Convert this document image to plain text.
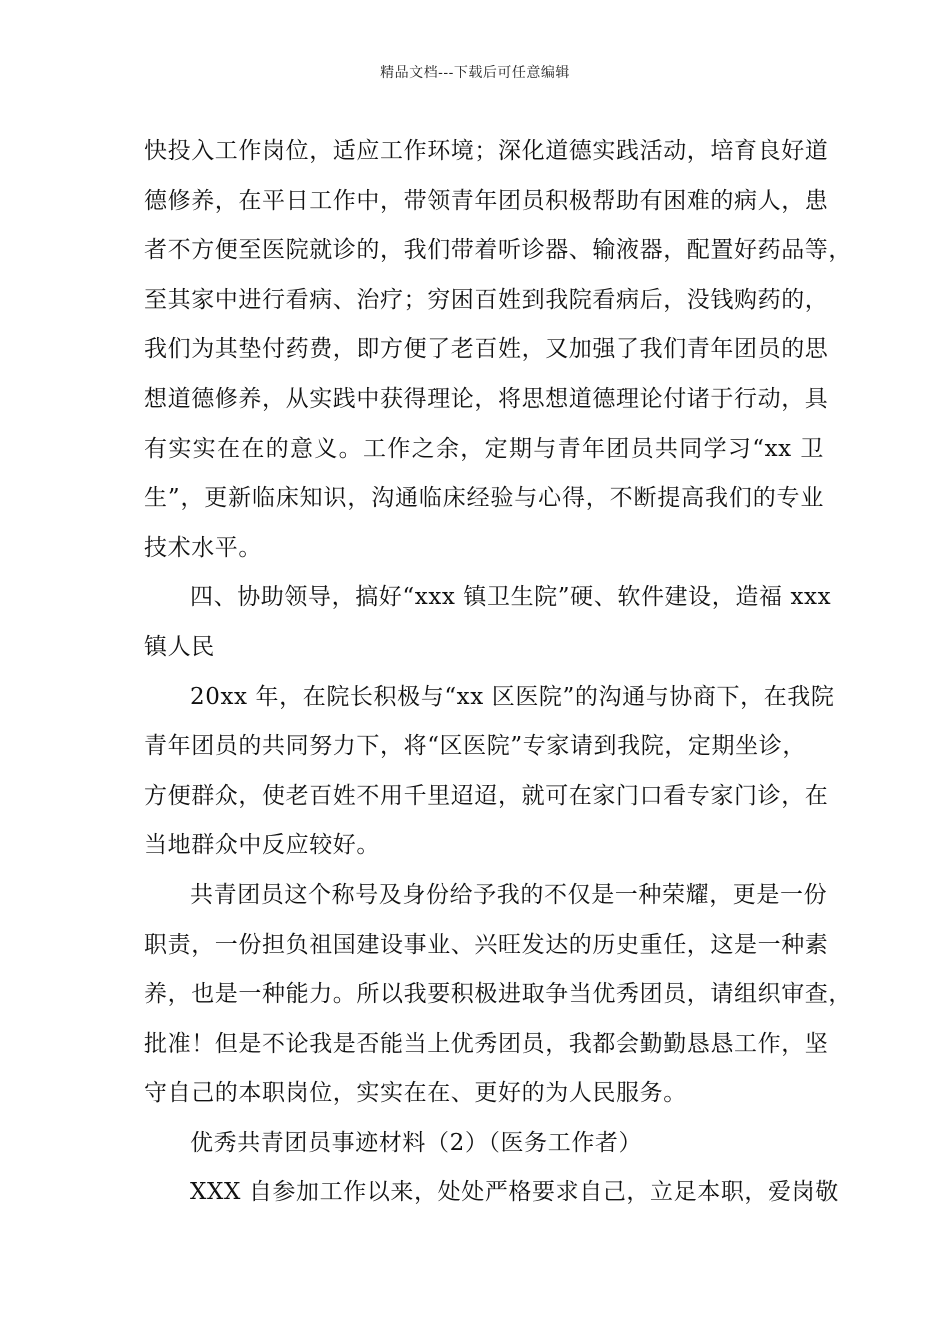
精品文档---下载后可任意编辑
快投入工作岗位，适应工作环境；深化道德实践活动，培育良好道
德修养，在平日工作中，带领青年团员积极帮助有困难的病人，患
者不方便至医院就诊的，我们带着听诊器、输液器，配置好药品等，
至其家中进行看病、治疗；穷困百姓到我院看病后，没钱购药的，
我们为其垫付药费，即方便了老百姓，又加强了我们青年团员的思
想道德修养，从实践中获得理论，将思想道德理论付诸于行动，具
有实实在在的意义。工作之余，定期与青年团员共同学习“xx 卫
生”，更新临床知识，沟通临床经验与心得，不断提高我们的专业
技术水平。
四、协助领导，搞好“xxx 镇卫生院”硬、软件建设，造福 xxx
镇人民
20xx 年，在院长积极与“xx 区医院”的沟通与协商下，在我院
青年团员的共同努力下，将“区医院”专家请到我院，定期坐诊，
方便群众，使老百姓不用千里迢迢，就可在家门口看专家门诊，在
当地群众中反应较好。
共青团员这个称号及身份给予我的不仅是一种荣耀，更是一份
职责，一份担负祖国建设事业、兴旺发达的历史重任，这是一种素
养，也是一种能力。所以我要积极进取争当优秀团员，请组织审查，
批准！但是不论我是否能当上优秀团员，我都会勤勤恳恳工作，坚
守自己的本职岗位，实实在在、更好的为人民服务。
优秀共青团员事迹材料（2）（医务工作者）
XXX 自参加工作以来，处处严格要求自己，立足本职，爱岗敬
